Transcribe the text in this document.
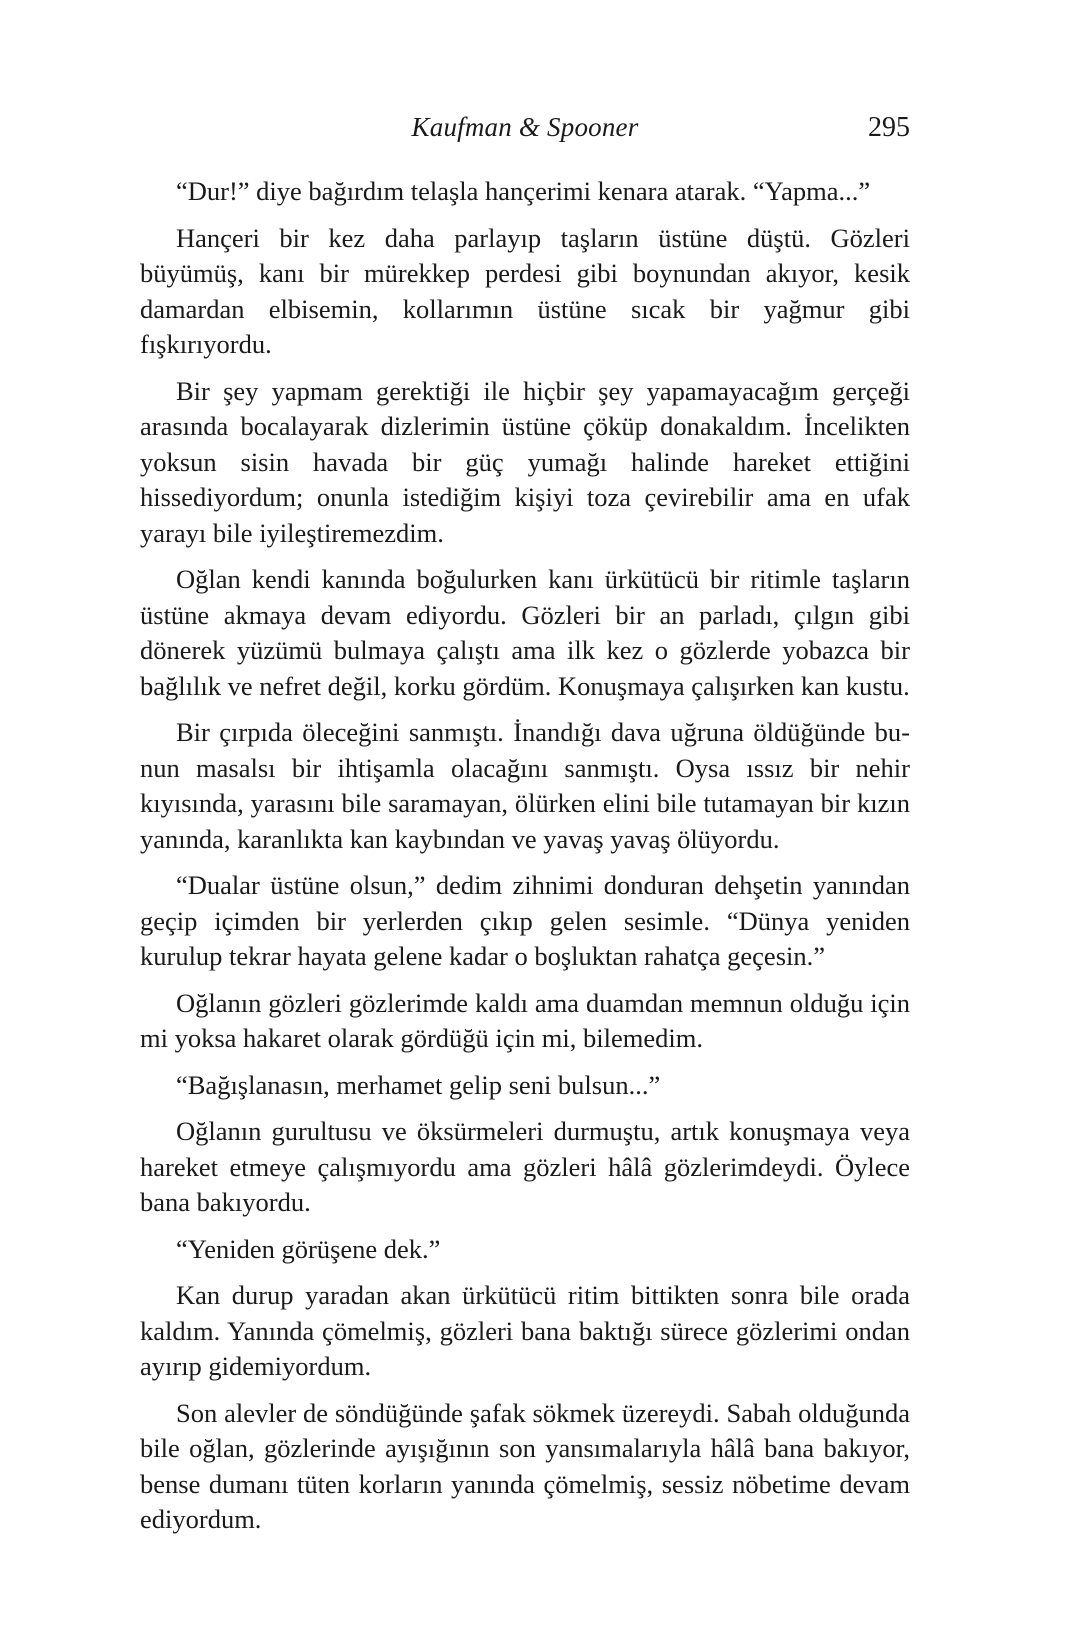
Kaufman & Spooner	295

“Dur!” diye bağırdım telaşla hançerimi kenara atarak. “Yapma...”

Hançeri bir kez daha parlayıp taşların üstüne düştü. Gözleri büyümüş, kanı bir mürekkep perdesi gibi boynundan akıyor, kesik damardan elbisemin, kollarımın üstüne sıcak bir yağmur gibi fışkırıyordu.

Bir şey yapmam gerektiği ile hiçbir şey yapamayacağım gerçeği arasında bocalayarak dizlerimin üstüne çöküp donakaldım. İncelikten yoksun sisin havada bir güç yumağı halinde hareket ettiğini hissediyordum; onunla istediğim kişiyi toza çevirebilir ama en ufak yarayı bile iyileştiremezdim.

Oğlan kendi kanında boğulurken kanı ürkütücü bir ritimle taşların üstüne akmaya devam ediyordu. Gözleri bir an parladı, çılgın gibi dönerek yüzümü bulmaya çalıştı ama ilk kez o gözlerde yobazca bir bağlılık ve nefret değil, korku gördüm. Konuşmaya çalışırken kan kustu.

Bir çırpıda öleceğini sanmıştı. İnandığı dava uğruna öldüğünde bunun masalsı bir ihtişamla olacağını sanmıştı. Oysa ıssız bir nehir kıyısında, yarasını bile saramayan, ölürken elini bile tutamayan bir kızın yanında, karanlıkta kan kaybından ve yavaş yavaş ölüyordu.

“Dualar üstüne olsun,” dedim zihnimi donduran dehşetin yanından geçip içimden bir yerlerden çıkıp gelen sesimle. “Dünya yeniden kurulup tekrar hayata gelene kadar o boşluktan rahatça geçesin.”

Oğlanın gözleri gözlerimde kaldı ama duamdan memnun olduğu için mi yoksa hakaret olarak gördüğü için mi, bilemedim.

“Bağışlanasın, merhamet gelip seni bulsun...”

Oğlanın gurultusu ve öksürmeleri durmuştu, artık konuşmaya veya hareket etmeye çalışmıyordu ama gözleri hâlâ gözlerimdeydi. Öylece bana bakıyordu.

“Yeniden görüşene dek.”

Kan durup yaradan akan ürkütücü ritim bittikten sonra bile orada kaldım. Yanında çömelmiş, gözleri bana baktığı sürece gözlerimi ondan ayırıp gidemiyordum.

Son alevler de söndüğünde şafak sökmek üzereydi. Sabah olduğunda bile oğlan, gözlerinde ayışığının son yansımalarıyla hâlâ bana bakıyor, bense dumanı tüten korların yanında çömelmiş, sessiz nöbetime devam ediyordum.
